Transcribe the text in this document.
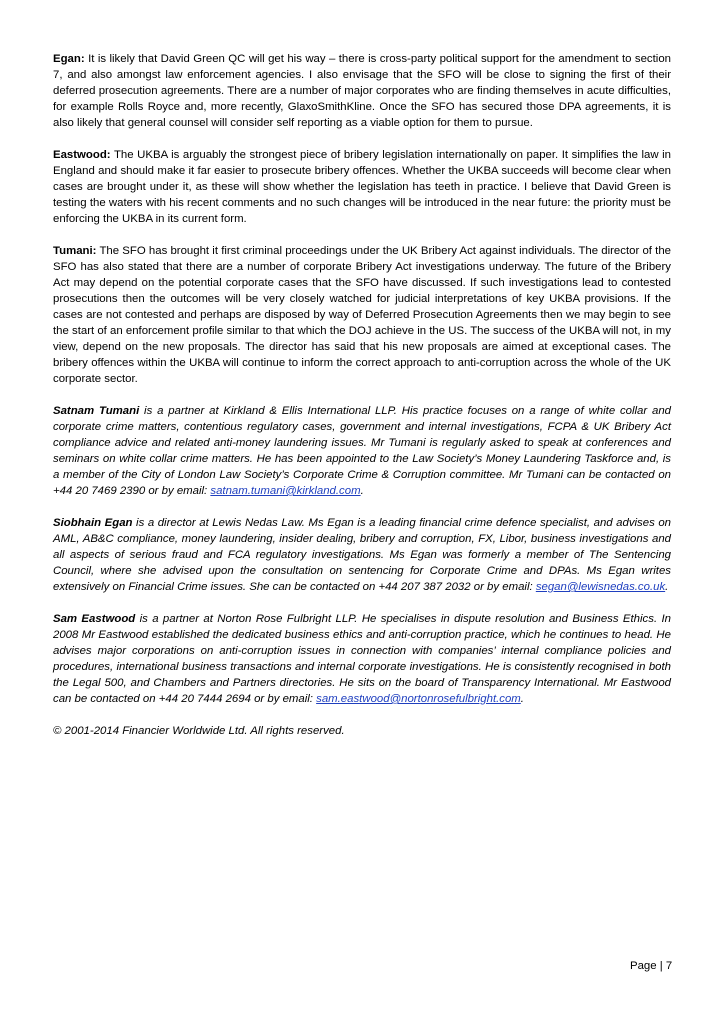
Egan: It is likely that David Green QC will get his way – there is cross-party political support for the amendment to section 7, and also amongst law enforcement agencies. I also envisage that the SFO will be close to signing the first of their deferred prosecution agreements. There are a number of major corporates who are finding themselves in acute difficulties, for example Rolls Royce and, more recently, GlaxoSmithKline. Once the SFO has secured those DPA agreements, it is also likely that general counsel will consider self reporting as a viable option for them to pursue.

Eastwood: The UKBA is arguably the strongest piece of bribery legislation internationally on paper. It simplifies the law in England and should make it far easier to prosecute bribery offences. Whether the UKBA succeeds will become clear when cases are brought under it, as these will show whether the legislation has teeth in practice. I believe that David Green is testing the waters with his recent comments and no such changes will be introduced in the near future: the priority must be enforcing the UKBA in its current form.

Tumani: The SFO has brought it first criminal proceedings under the UK Bribery Act against individuals. The director of the SFO has also stated that there are a number of corporate Bribery Act investigations underway. The future of the Bribery Act may depend on the potential corporate cases that the SFO have discussed. If such investigations lead to contested prosecutions then the outcomes will be very closely watched for judicial interpretations of key UKBA provisions. If the cases are not contested and perhaps are disposed by way of Deferred Prosecution Agreements then we may begin to see the start of an enforcement profile similar to that which the DOJ achieve in the US. The success of the UKBA will not, in my view, depend on the new proposals. The director has said that his new proposals are aimed at exceptional cases. The bribery offences within the UKBA will continue to inform the correct approach to anti-corruption across the whole of the UK corporate sector.

Satnam Tumani is a partner at Kirkland & Ellis International LLP. His practice focuses on a range of white collar and corporate crime matters, contentious regulatory cases, government and internal investigations, FCPA & UK Bribery Act compliance advice and related anti-money laundering issues. Mr Tumani is regularly asked to speak at conferences and seminars on white collar crime matters. He has been appointed to the Law Society’s Money Laundering Taskforce and, is a member of the City of London Law Society’s Corporate Crime & Corruption committee. Mr Tumani can be contacted on +44 20 7469 2390 or by email: satnam.tumani@kirkland.com.

Siobhain Egan is a director at Lewis Nedas Law. Ms Egan is a leading financial crime defence specialist, and advises on AML, AB&C compliance, money laundering, insider dealing, bribery and corruption, FX, Libor, business investigations and all aspects of serious fraud and FCA regulatory investigations. Ms Egan was formerly a member of The Sentencing Council, where she advised upon the consultation on sentencing for Corporate Crime and DPAs. Ms Egan writes extensively on Financial Crime issues. She can be contacted on +44 207 387 2032 or by email: segan@lewisnedas.co.uk.

Sam Eastwood is a partner at Norton Rose Fulbright LLP. He specialises in dispute resolution and Business Ethics. In 2008 Mr Eastwood established the dedicated business ethics and anti-corruption practice, which he continues to head. He advises major corporations on anti-corruption issues in connection with companies’ internal compliance policies and procedures, international business transactions and internal corporate investigations. He is consistently recognised in both the Legal 500, and Chambers and Partners directories. He sits on the board of Transparency International. Mr Eastwood can be contacted on +44 20 7444 2694 or by email: sam.eastwood@nortonrosefulbright.com.

© 2001-2014 Financier Worldwide Ltd. All rights reserved.

Page | 7
